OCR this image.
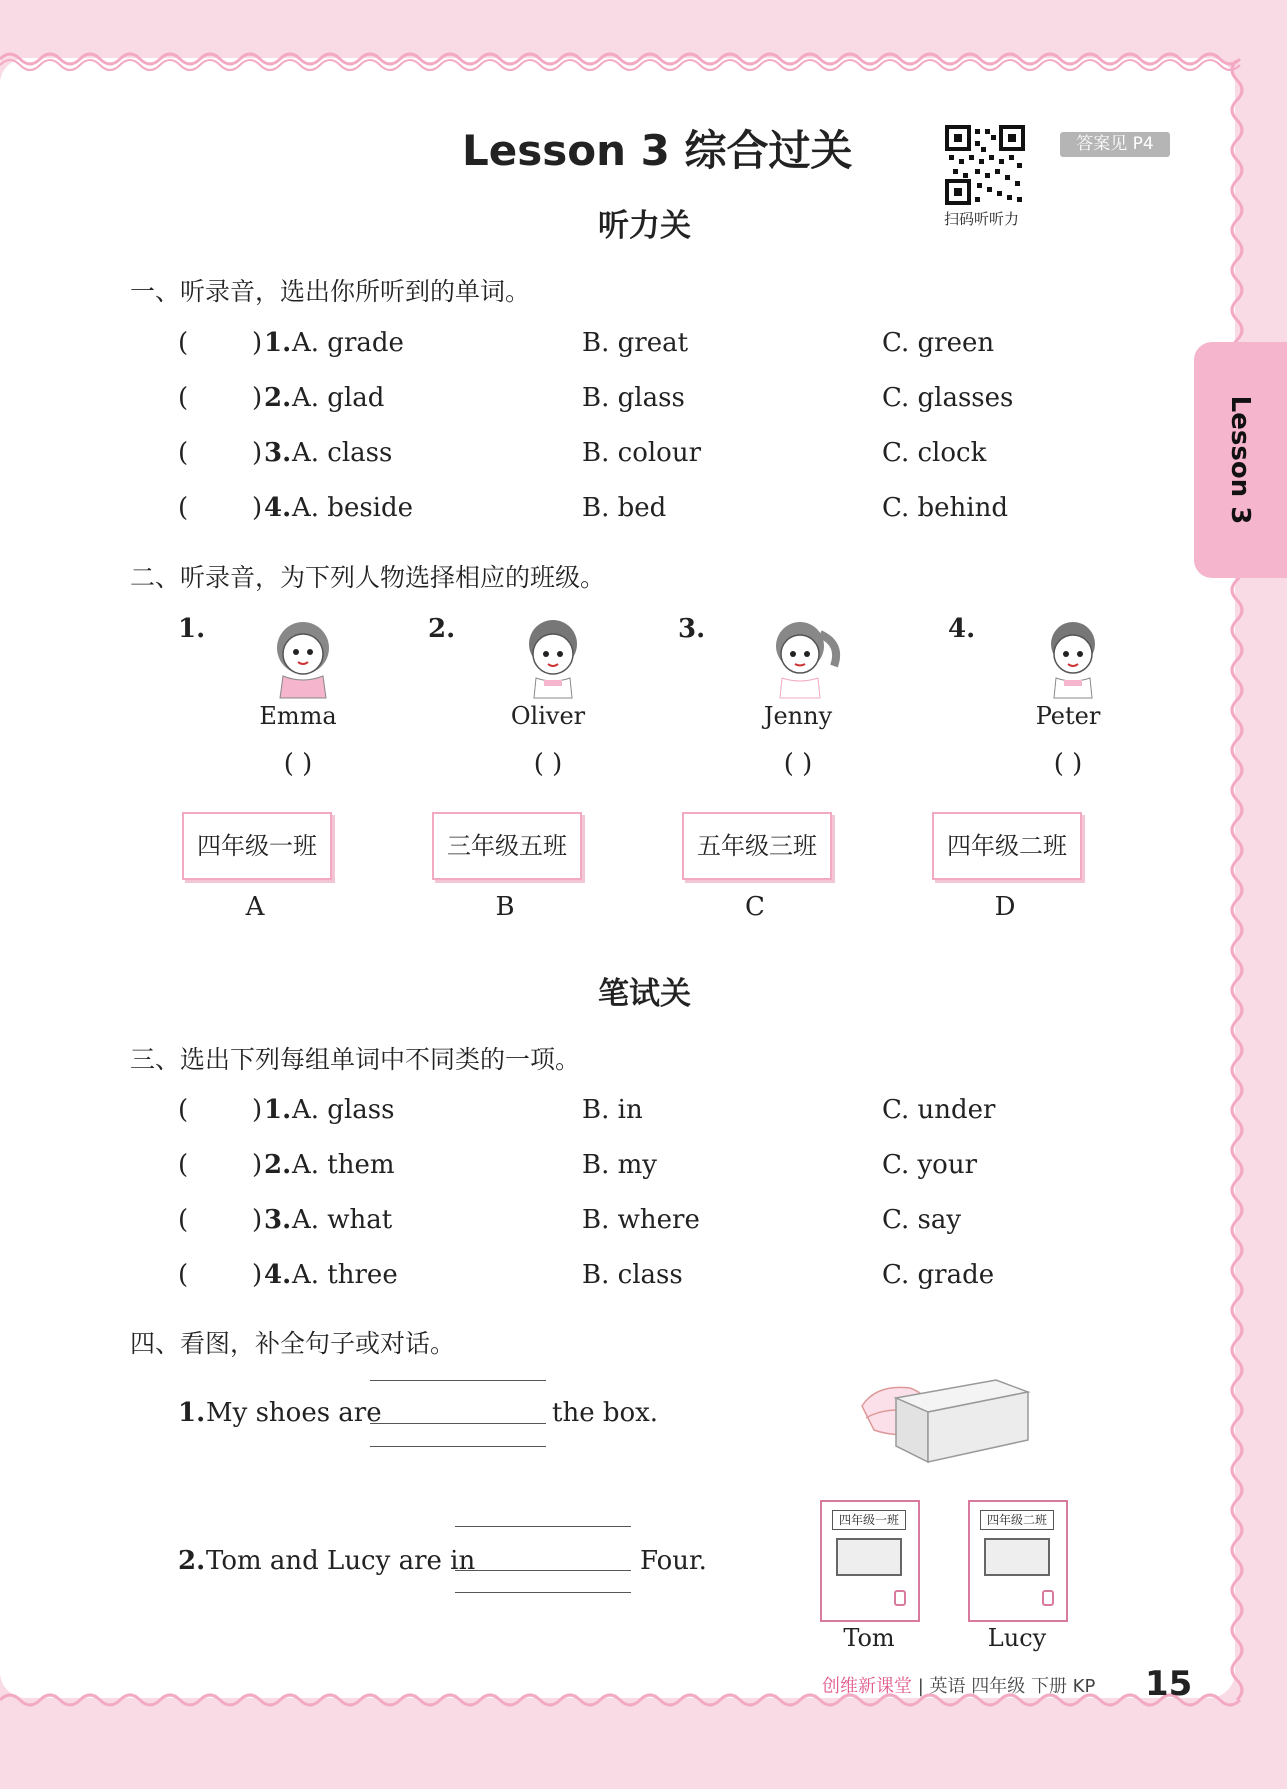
Lesson 3
Lesson 3 综合过关
扫码听听力
答案见 P4
听力关
一、听录音，选出你所听到的单词。
( ) 1. A. grade	B. great	C. green
( ) 2. A. glad	B. glass	C. glasses
( ) 3. A. class	B. colour	C. clock
( ) 4. A. beside	B. bed	C. behind
二、听录音，为下列人物选择相应的班级。
1.
Emma
( )
2.
Oliver
( )
3.
Jenny
( )
4.
Peter
( )
四年级一班
A
三年级五班
B
五年级三班
C
四年级二班
D
笔试关
三、选出下列每组单词中不同类的一项。
( ) 1. A. glass	B. in	C. under
( ) 2. A. them	B. my	C. your
( ) 3. A. what	B. where	C. say
( ) 4. A. three	B. class	C. grade
四、看图，补全句子或对话。
1. My shoes are	the box.
2. Tom and Lucy are in	Four.
四年级一班
Tom
四年级二班
Lucy
创维新课堂 | 英语 四年级 下册 KP 15
